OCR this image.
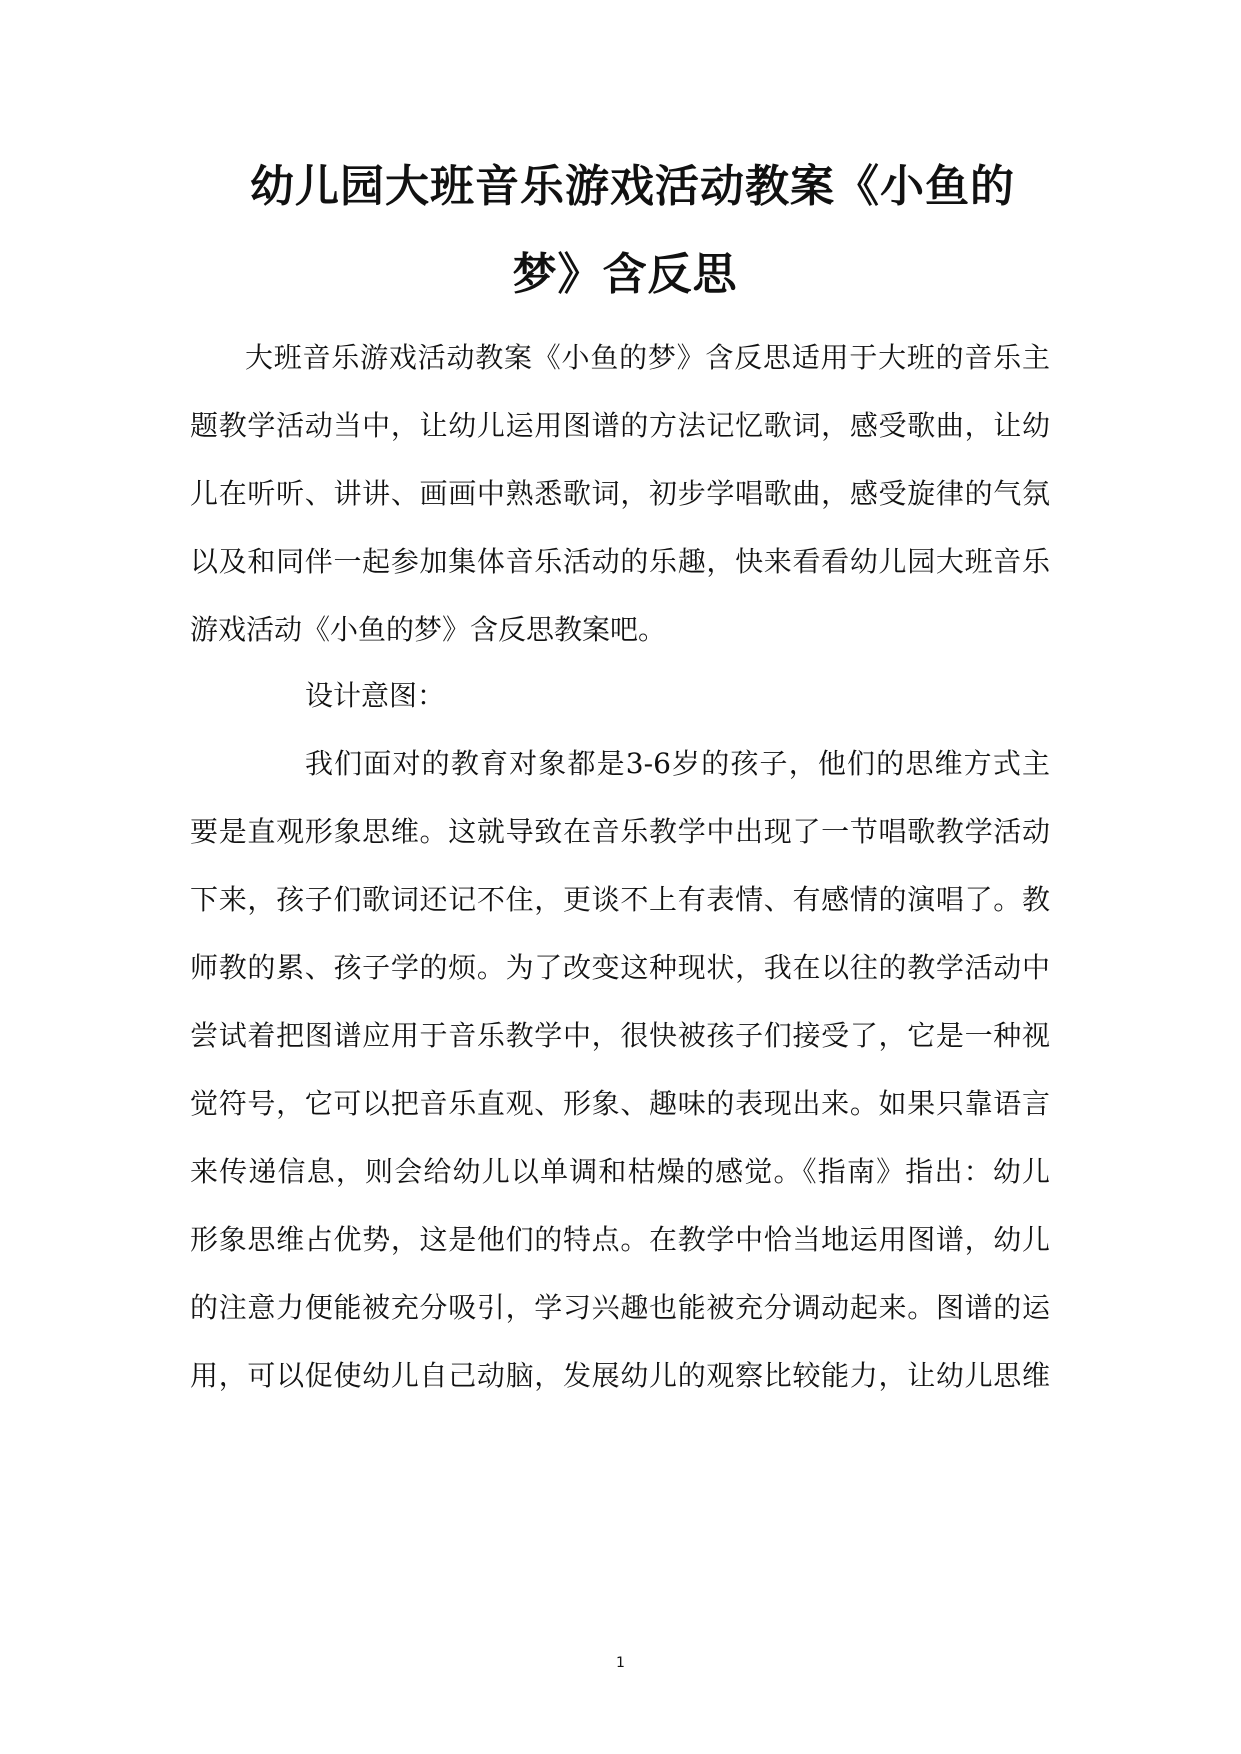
幼儿园大班音乐游戏活动教案《小鱼的
梦》含反思
大班音乐游戏活动教案《小鱼的梦》含反思适用于大班的音乐主
题教学活动当中，让幼儿运用图谱的方法记忆歌词，感受歌曲，让幼
儿在听听、讲讲、画画中熟悉歌词，初步学唱歌曲，感受旋律的气氛
以及和同伴一起参加集体音乐活动的乐趣，快来看看幼儿园大班音乐
游戏活动《小鱼的梦》含反思教案吧。
设计意图：
我们面对的教育对象都是3-6岁的孩子，他们的思维方式主
要是直观形象思维。这就导致在音乐教学中出现了一节唱歌教学活动
下来，孩子们歌词还记不住，更谈不上有表情、有感情的演唱了。教
师教的累、孩子学的烦。为了改变这种现状，我在以往的教学活动中
尝试着把图谱应用于音乐教学中，很快被孩子们接受了，它是一种视
觉符号，它可以把音乐直观、形象、趣味的表现出来。如果只靠语言
来传递信息，则会给幼儿以单调和枯燥的感觉。《指南》指出：幼儿
形象思维占优势，这是他们的特点。在教学中恰当地运用图谱，幼儿
的注意力便能被充分吸引，学习兴趣也能被充分调动起来。图谱的运
用，可以促使幼儿自己动脑，发展幼儿的观察比较能力，让幼儿思维
1
